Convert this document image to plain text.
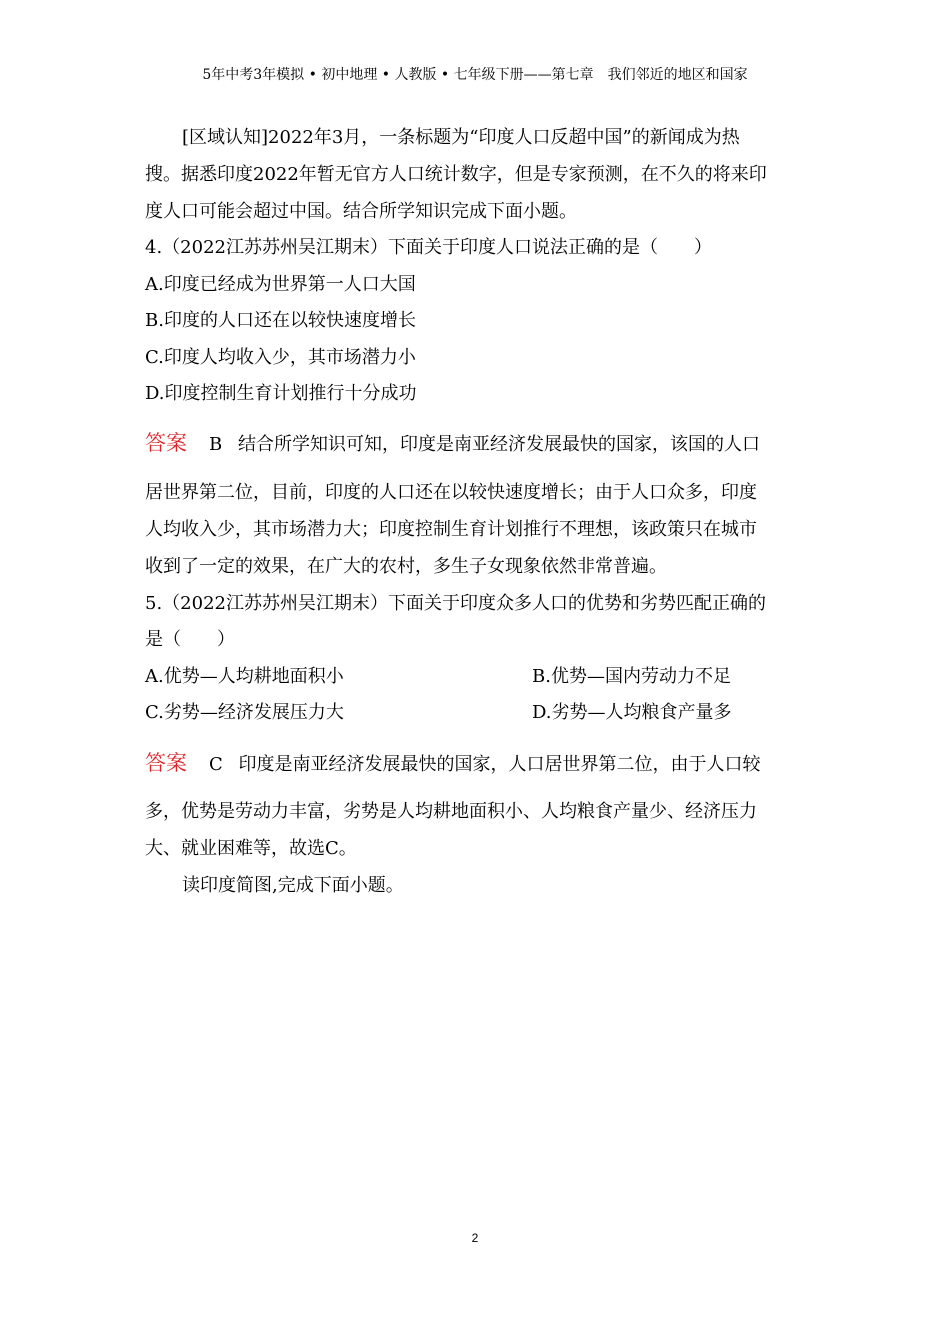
5年中考3年模拟 • 初中地理 • 人教版 • 七年级下册——第七章　我们邻近的地区和国家
[区域认知]2022年3月，一条标题为“印度人口反超中国”的新闻成为热
搜。据悉印度2022年暂无官方人口统计数字，但是专家预测，在不久的将来印
度人口可能会超过中国。结合所学知识完成下面小题。
4.（2022江苏苏州吴江期末）下面关于印度人口说法正确的是（　　）
A.印度已经成为世界第一人口大国
B.印度的人口还在以较快速度增长
C.印度人均收入少，其市场潜力小
D.印度控制生育计划推行十分成功
答案 B 结合所学知识可知，印度是南亚经济发展最快的国家，该国的人口
居世界第二位，目前，印度的人口还在以较快速度增长；由于人口众多，印度
人均收入少，其市场潜力大；印度控制生育计划推行不理想，该政策只在城市
收到了一定的效果，在广大的农村，多生子女现象依然非常普遍。
5.（2022江苏苏州吴江期末）下面关于印度众多人口的优势和劣势匹配正确的
是（　　）
A.优势—人均耕地面积小	B.优势—国内劳动力不足
C.劣势—经济发展压力大	D.劣势—人均粮食产量多
答案 C 印度是南亚经济发展最快的国家，人口居世界第二位，由于人口较
多，优势是劳动力丰富，劣势是人均耕地面积小、人均粮食产量少、经济压力
大、就业困难等，故选C。
读印度简图,完成下面小题。
2
